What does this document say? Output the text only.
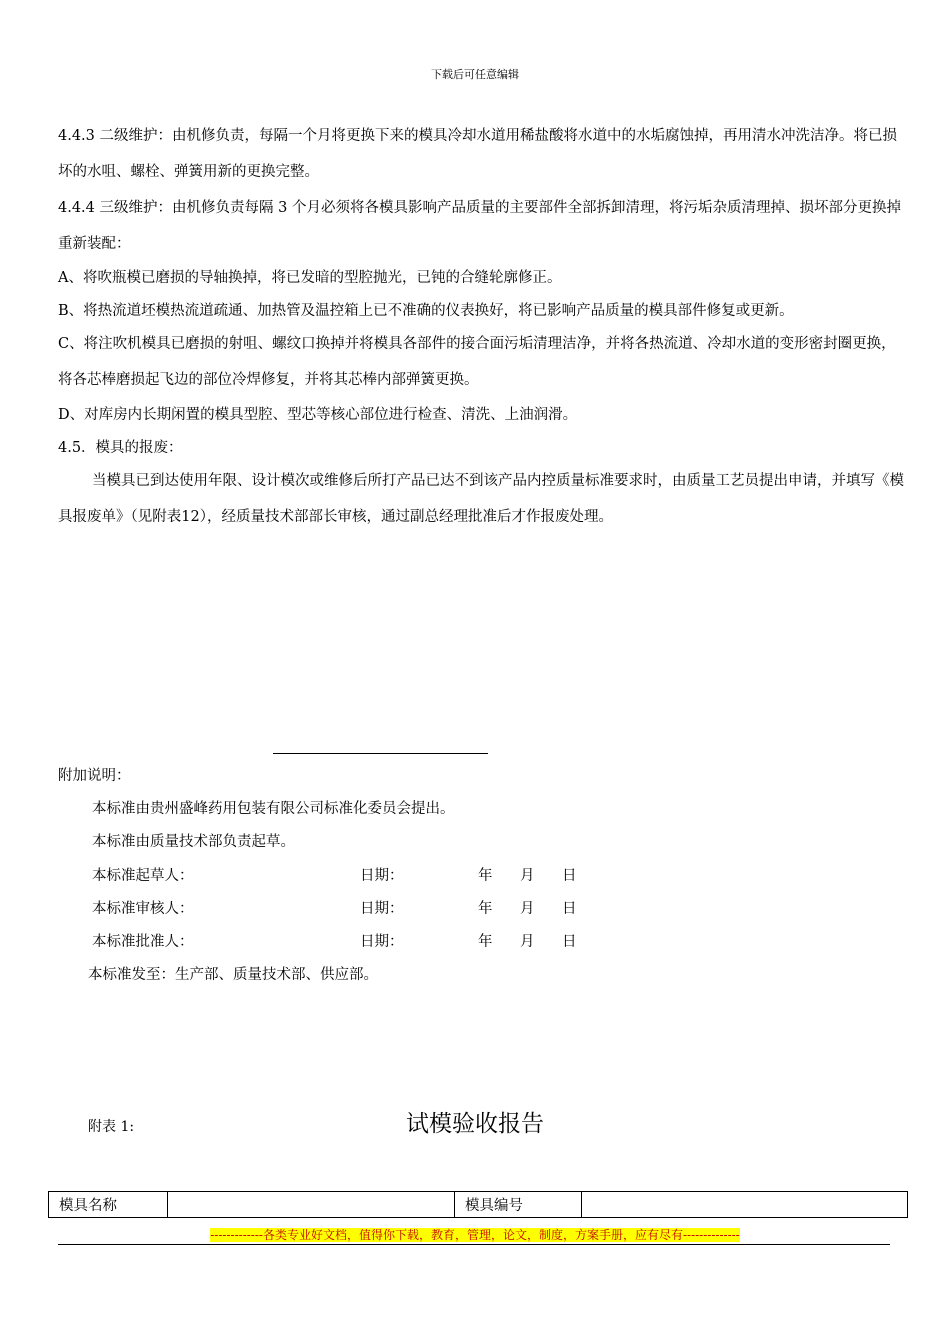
下载后可任意编辑

4.4.3 二级维护：由机修负责，每隔一个月将更换下来的模具冷却水道用稀盐酸将水道中的水垢腐蚀掉，再用清水冲洗洁净。将已损坏的水咀、螺栓、弹簧用新的更换完整。

4.4.4 三级维护：由机修负责每隔 3 个月必须将各模具影响产品质量的主要部件全部拆卸清理，将污垢杂质清理掉、损坏部分更换掉重新装配：

A、将吹瓶模已磨损的导轴换掉，将已发暗的型腔抛光，已钝的合缝轮廓修正。
B、将热流道坯模热流道疏通、加热管及温控箱上已不准确的仪表换好，将已影响产品质量的模具部件修复或更新。

C、将注吹机模具已磨损的射咀、螺纹口换掉并将模具各部件的接合面污垢清理洁净，并将各热流道、冷却水道的变形密封圈更换，将各芯棒磨损起飞边的部位冷焊修复，并将其芯棒内部弹簧更换。

D、对库房内长期闲置的模具型腔、型芯等核心部位进行检查、清洗、上油润滑。
4.5．模具的报废：

当模具已到达使用年限、设计模次或维修后所打产品已达不到该产品内控质量标准要求时，由质量工艺员提出申请，并填写《模具报废单》（见附表12），经质量技术部部长审核，通过副总经理批准后才作报废处理。

附加说明：
本标准由贵州盛峰药用包装有限公司标准化委员会提出。
本标准由质量技术部负责起草。
本标准起草人：	日期：	年 月 日
本标准审核人：	日期：	年 月 日
本标准批准人：	日期：	年 月 日
本标准发至：生产部、质量技术部、供应部。
附表 1:	试模验收报告
模具名称		模具编号	
-------------各类专业好文档，值得你下载，教育，管理，论文，制度，方案手册，应有尽有--------------
